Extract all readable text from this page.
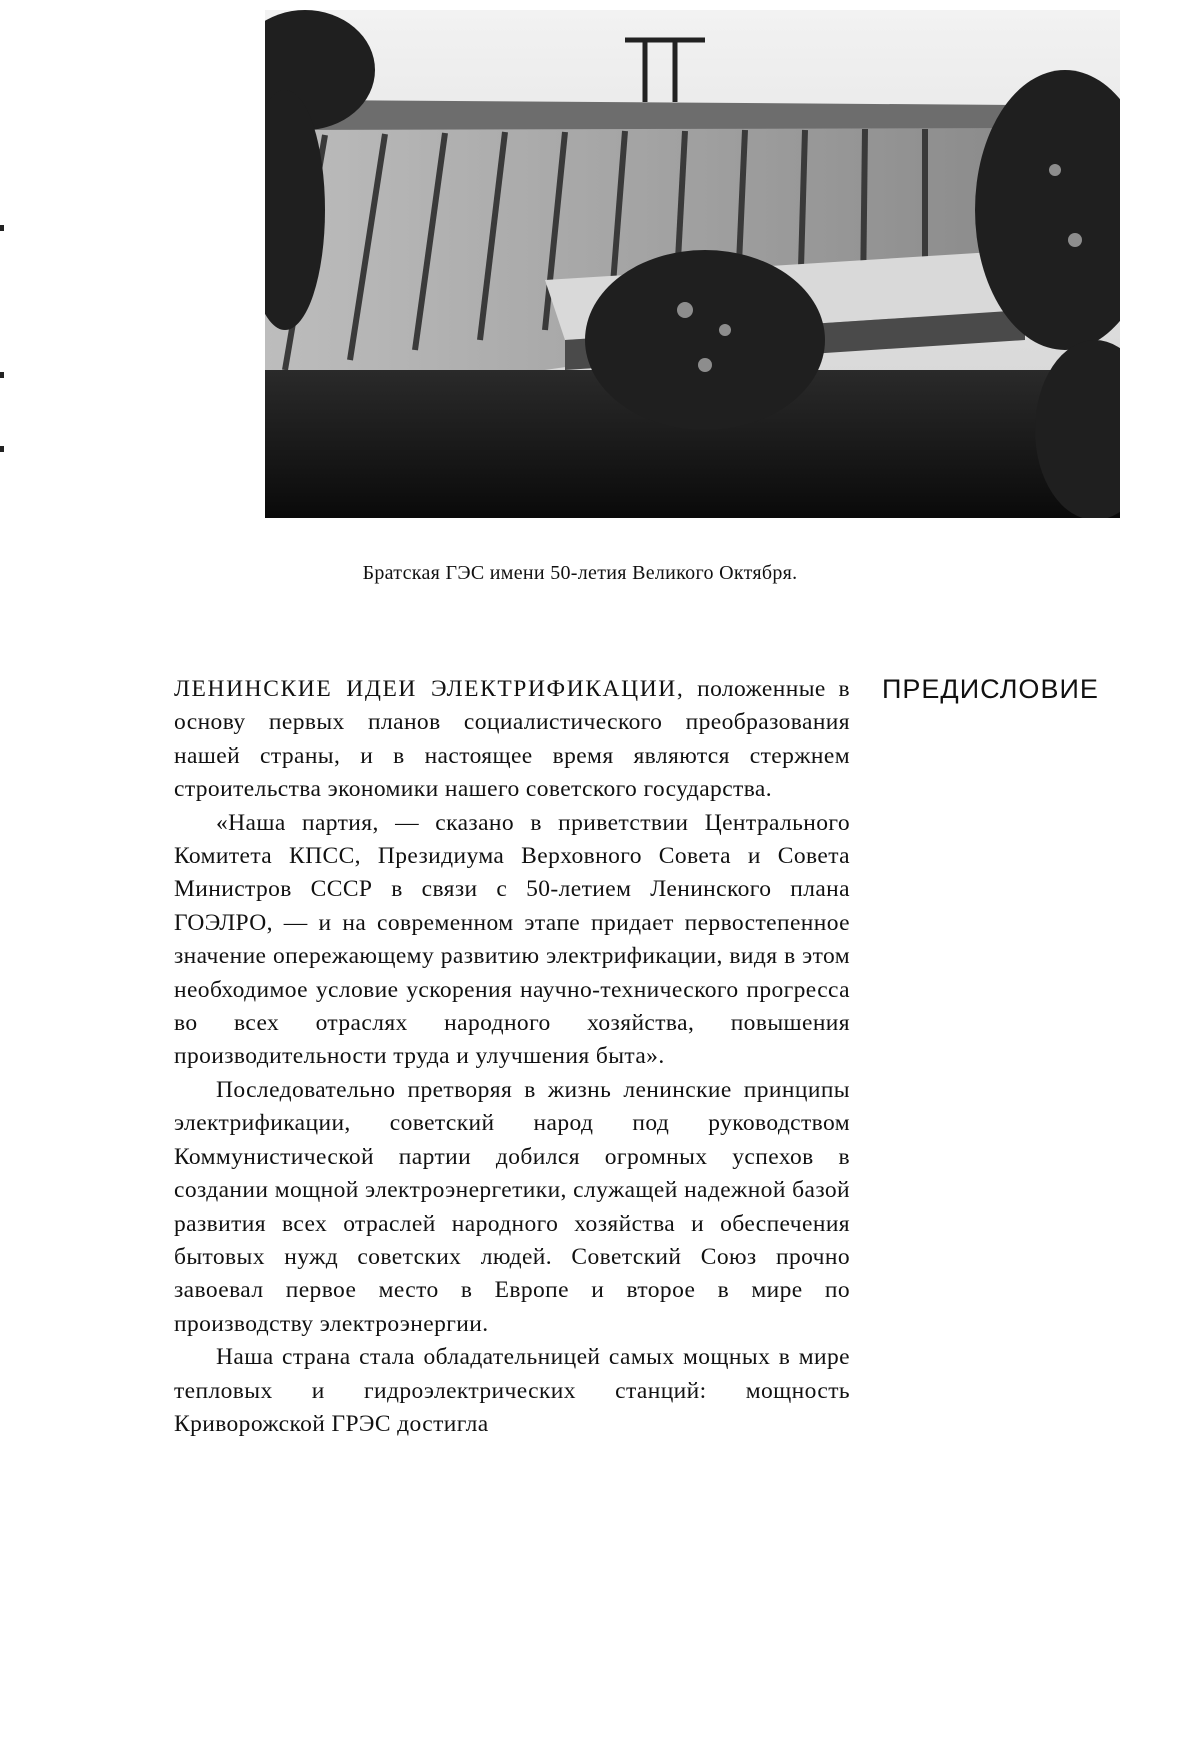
Братская ГЭС имени 50-летия Великого Октября.
ПРЕДИСЛОВИЕ

ЛЕНИНСКИЕ ИДЕИ ЭЛЕКТРИФИКАЦИИ, положенные в основу первых планов социалистического преобразования нашей страны, и в настоящее время являются стержнем строительства экономики нашего советского государства.

«Наша партия, — сказано в приветствии Центрального Комитета КПСС, Президиума Верховного Совета и Совета Министров СССР в связи с 50-летием Ленинского плана ГОЭЛРО, — и на современном этапе придает первостепенное значение опережающему развитию электрификации, видя в этом необходимое условие ускорения научно-технического прогресса во всех отраслях народного хозяйства, повышения производительности труда и улучшения быта».

Последовательно претворяя в жизнь ленинские принципы электрификации, советский народ под руководством Коммунистической партии добился огромных успехов в создании мощной электроэнергетики, служащей надежной базой развития всех отраслей народного хозяйства и обеспечения бытовых нужд советских людей. Советский Союз прочно завоевал первое место в Европе и второе в мире по производству электроэнергии.

Наша страна стала обладательницей самых мощных в мире тепловых и гидроэлектрических станций: мощность Криворожской ГРЭС достигла
